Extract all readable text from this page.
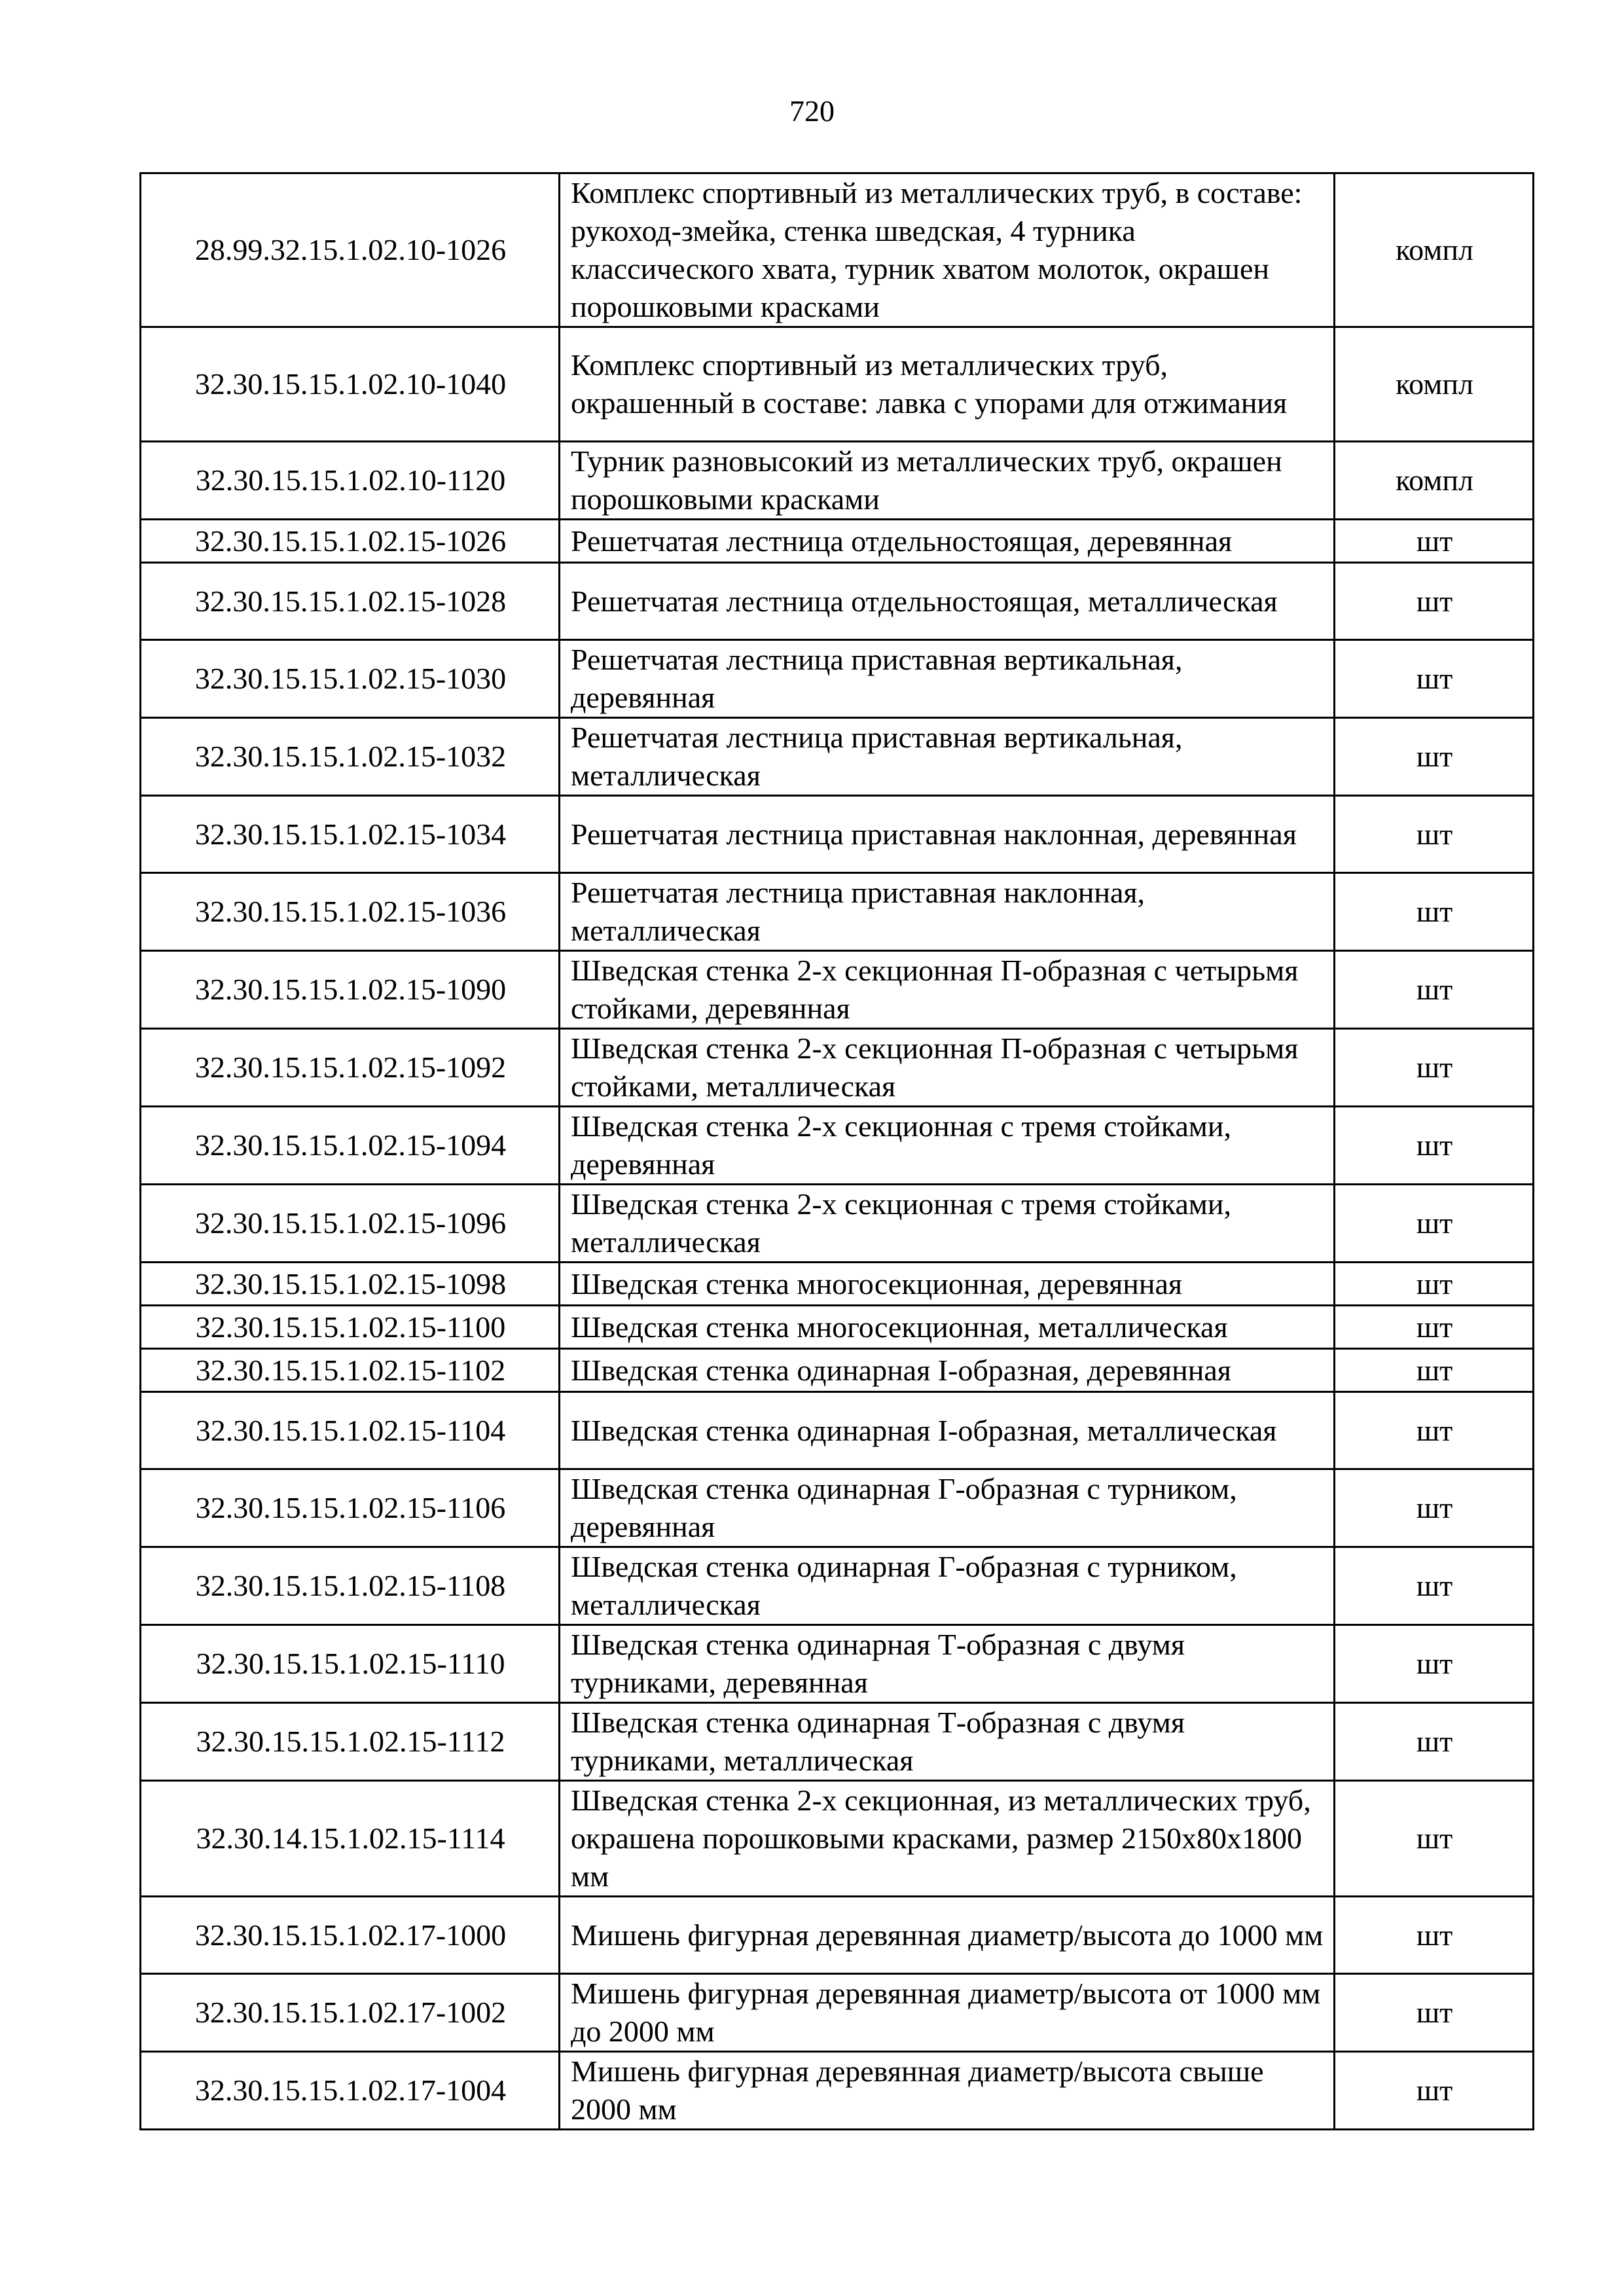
720
28.99.32.15.1.02.10-1026	Комплекс спортивный из металлических труб, в составе: рукоход-змейка, стенка шведская, 4 турника классического хвата, турник хватом молоток, окрашен порошковыми красками	компл
32.30.15.15.1.02.10-1040	Комплекс спортивный из металлических труб, окрашенный в составе: лавка с упорами для отжимания	компл
32.30.15.15.1.02.10-1120	Турник разновысокий из металлических труб, окрашен порошковыми красками	компл
32.30.15.15.1.02.15-1026	Решетчатая лестница отдельностоящая, деревянная	шт
32.30.15.15.1.02.15-1028	Решетчатая лестница отдельностоящая, металлическая	шт
32.30.15.15.1.02.15-1030	Решетчатая лестница приставная вертикальная, деревянная	шт
32.30.15.15.1.02.15-1032	Решетчатая лестница приставная вертикальная, металлическая	шт
32.30.15.15.1.02.15-1034	Решетчатая лестница приставная наклонная, деревянная	шт
32.30.15.15.1.02.15-1036	Решетчатая лестница приставная наклонная, металлическая	шт
32.30.15.15.1.02.15-1090	Шведская стенка 2-х секционная П-образная с четырьмя стойками, деревянная	шт
32.30.15.15.1.02.15-1092	Шведская стенка 2-х секционная П-образная с четырьмя стойками, металлическая	шт
32.30.15.15.1.02.15-1094	Шведская стенка 2-х секционная с тремя стойками, деревянная	шт
32.30.15.15.1.02.15-1096	Шведская стенка 2-х секционная с тремя стойками, металлическая	шт
32.30.15.15.1.02.15-1098	Шведская стенка многосекционная, деревянная	шт
32.30.15.15.1.02.15-1100	Шведская стенка многосекционная, металлическая	шт
32.30.15.15.1.02.15-1102	Шведская стенка одинарная I-образная, деревянная	шт
32.30.15.15.1.02.15-1104	Шведская стенка одинарная I-образная, металлическая	шт
32.30.15.15.1.02.15-1106	Шведская стенка одинарная Г-образная с турником, деревянная	шт
32.30.15.15.1.02.15-1108	Шведская стенка одинарная Г-образная с турником, металлическая	шт
32.30.15.15.1.02.15-1110	Шведская стенка одинарная Т-образная с двумя турниками, деревянная	шт
32.30.15.15.1.02.15-1112	Шведская стенка одинарная Т-образная с двумя турниками, металлическая	шт
32.30.14.15.1.02.15-1114	Шведская стенка 2-х секционная, из металлических труб, окрашена порошковыми красками, размер 2150х80х1800 мм	шт
32.30.15.15.1.02.17-1000	Мишень фигурная деревянная диаметр/высота до 1000 мм	шт
32.30.15.15.1.02.17-1002	Мишень фигурная деревянная диаметр/высота от 1000 мм до 2000 мм	шт
32.30.15.15.1.02.17-1004	Мишень фигурная деревянная диаметр/высота свыше 2000 мм	шт
